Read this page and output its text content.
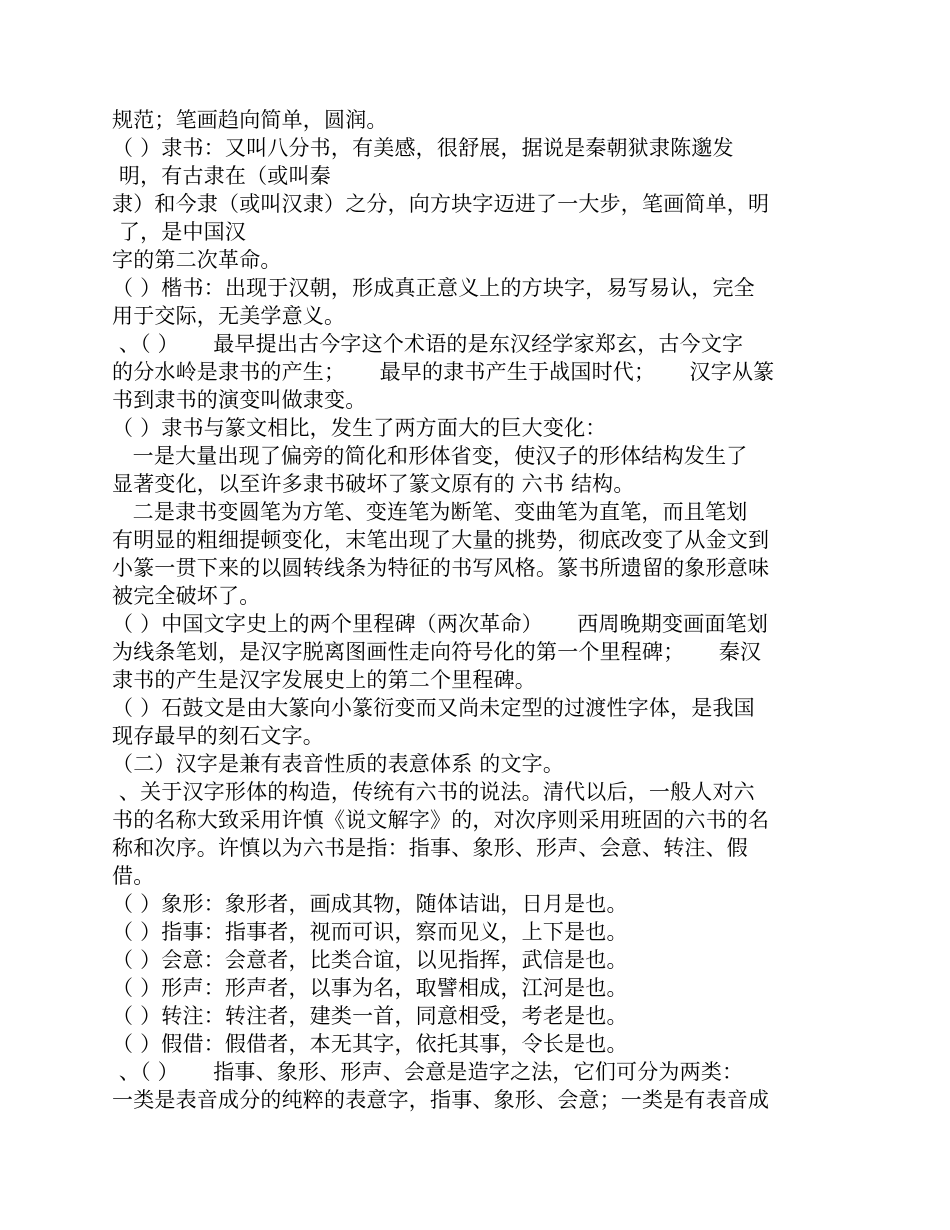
规范；笔画趋向简单，圆润。
（ ）隶书：又叫八分书，有美感，很舒展，据说是秦朝狱隶陈邈发
明，有古隶在（或叫秦
隶）和今隶（或叫汉隶）之分，向方块字迈进了一大步，笔画简单，明
了，是中国汉
字的第二次革命。
（ ）楷书：出现于汉朝，形成真正意义上的方块字，易写易认，完全
用于交际，无美学意义。
、（ ）     最早提出古今字这个术语的是东汉经学家郑玄，古今文字
的分水岭是隶书的产生；     最早的隶书产生于战国时代；     汉字从篆
书到隶书的演变叫做隶变。
（ ）隶书与篆文相比，发生了两方面大的巨大变化：
一是大量出现了偏旁的简化和形体省变，使汉子的形体结构发生了
显著变化，以至许多隶书破坏了篆文原有的 六书 结构。
二是隶书变圆笔为方笔、变连笔为断笔、变曲笔为直笔，而且笔划
有明显的粗细提顿变化，末笔出现了大量的挑势，彻底改变了从金文到
小篆一贯下来的以圆转线条为特征的书写风格。篆书所遗留的象形意味
被完全破坏了。
（ ）中国文字史上的两个里程碑（两次革命）     西周晚期变画面笔划
为线条笔划，是汉字脱离图画性走向符号化的第一个里程碑；     秦汉
隶书的产生是汉字发展史上的第二个里程碑。
（ ）石鼓文是由大篆向小篆衍变而又尚未定型的过渡性字体，是我国
现存最早的刻石文字。
（二）汉字是兼有表音性质的表意体系 的文字。
、关于汉字形体的构造，传统有六书的说法。清代以后，一般人对六
书的名称大致采用许慎《说文解字》的，对次序则采用班固的六书的名
称和次序。许慎以为六书是指：指事、象形、形声、会意、转注、假
借。
（ ）象形：象形者，画成其物，随体诘诎，日月是也。
（ ）指事：指事者，视而可识，察而见义，上下是也。
（ ）会意：会意者，比类合谊，以见指挥，武信是也。
（ ）形声：形声者，以事为名，取譬相成，江河是也。
（ ）转注：转注者，建类一首，同意相受，考老是也。
（ ）假借：假借者，本无其字，依托其事，令长是也。
、（ ）     指事、象形、形声、会意是造字之法，它们可分为两类：
一类是表音成分的纯粹的表意字，指事、象形、会意；一类是有表音成
